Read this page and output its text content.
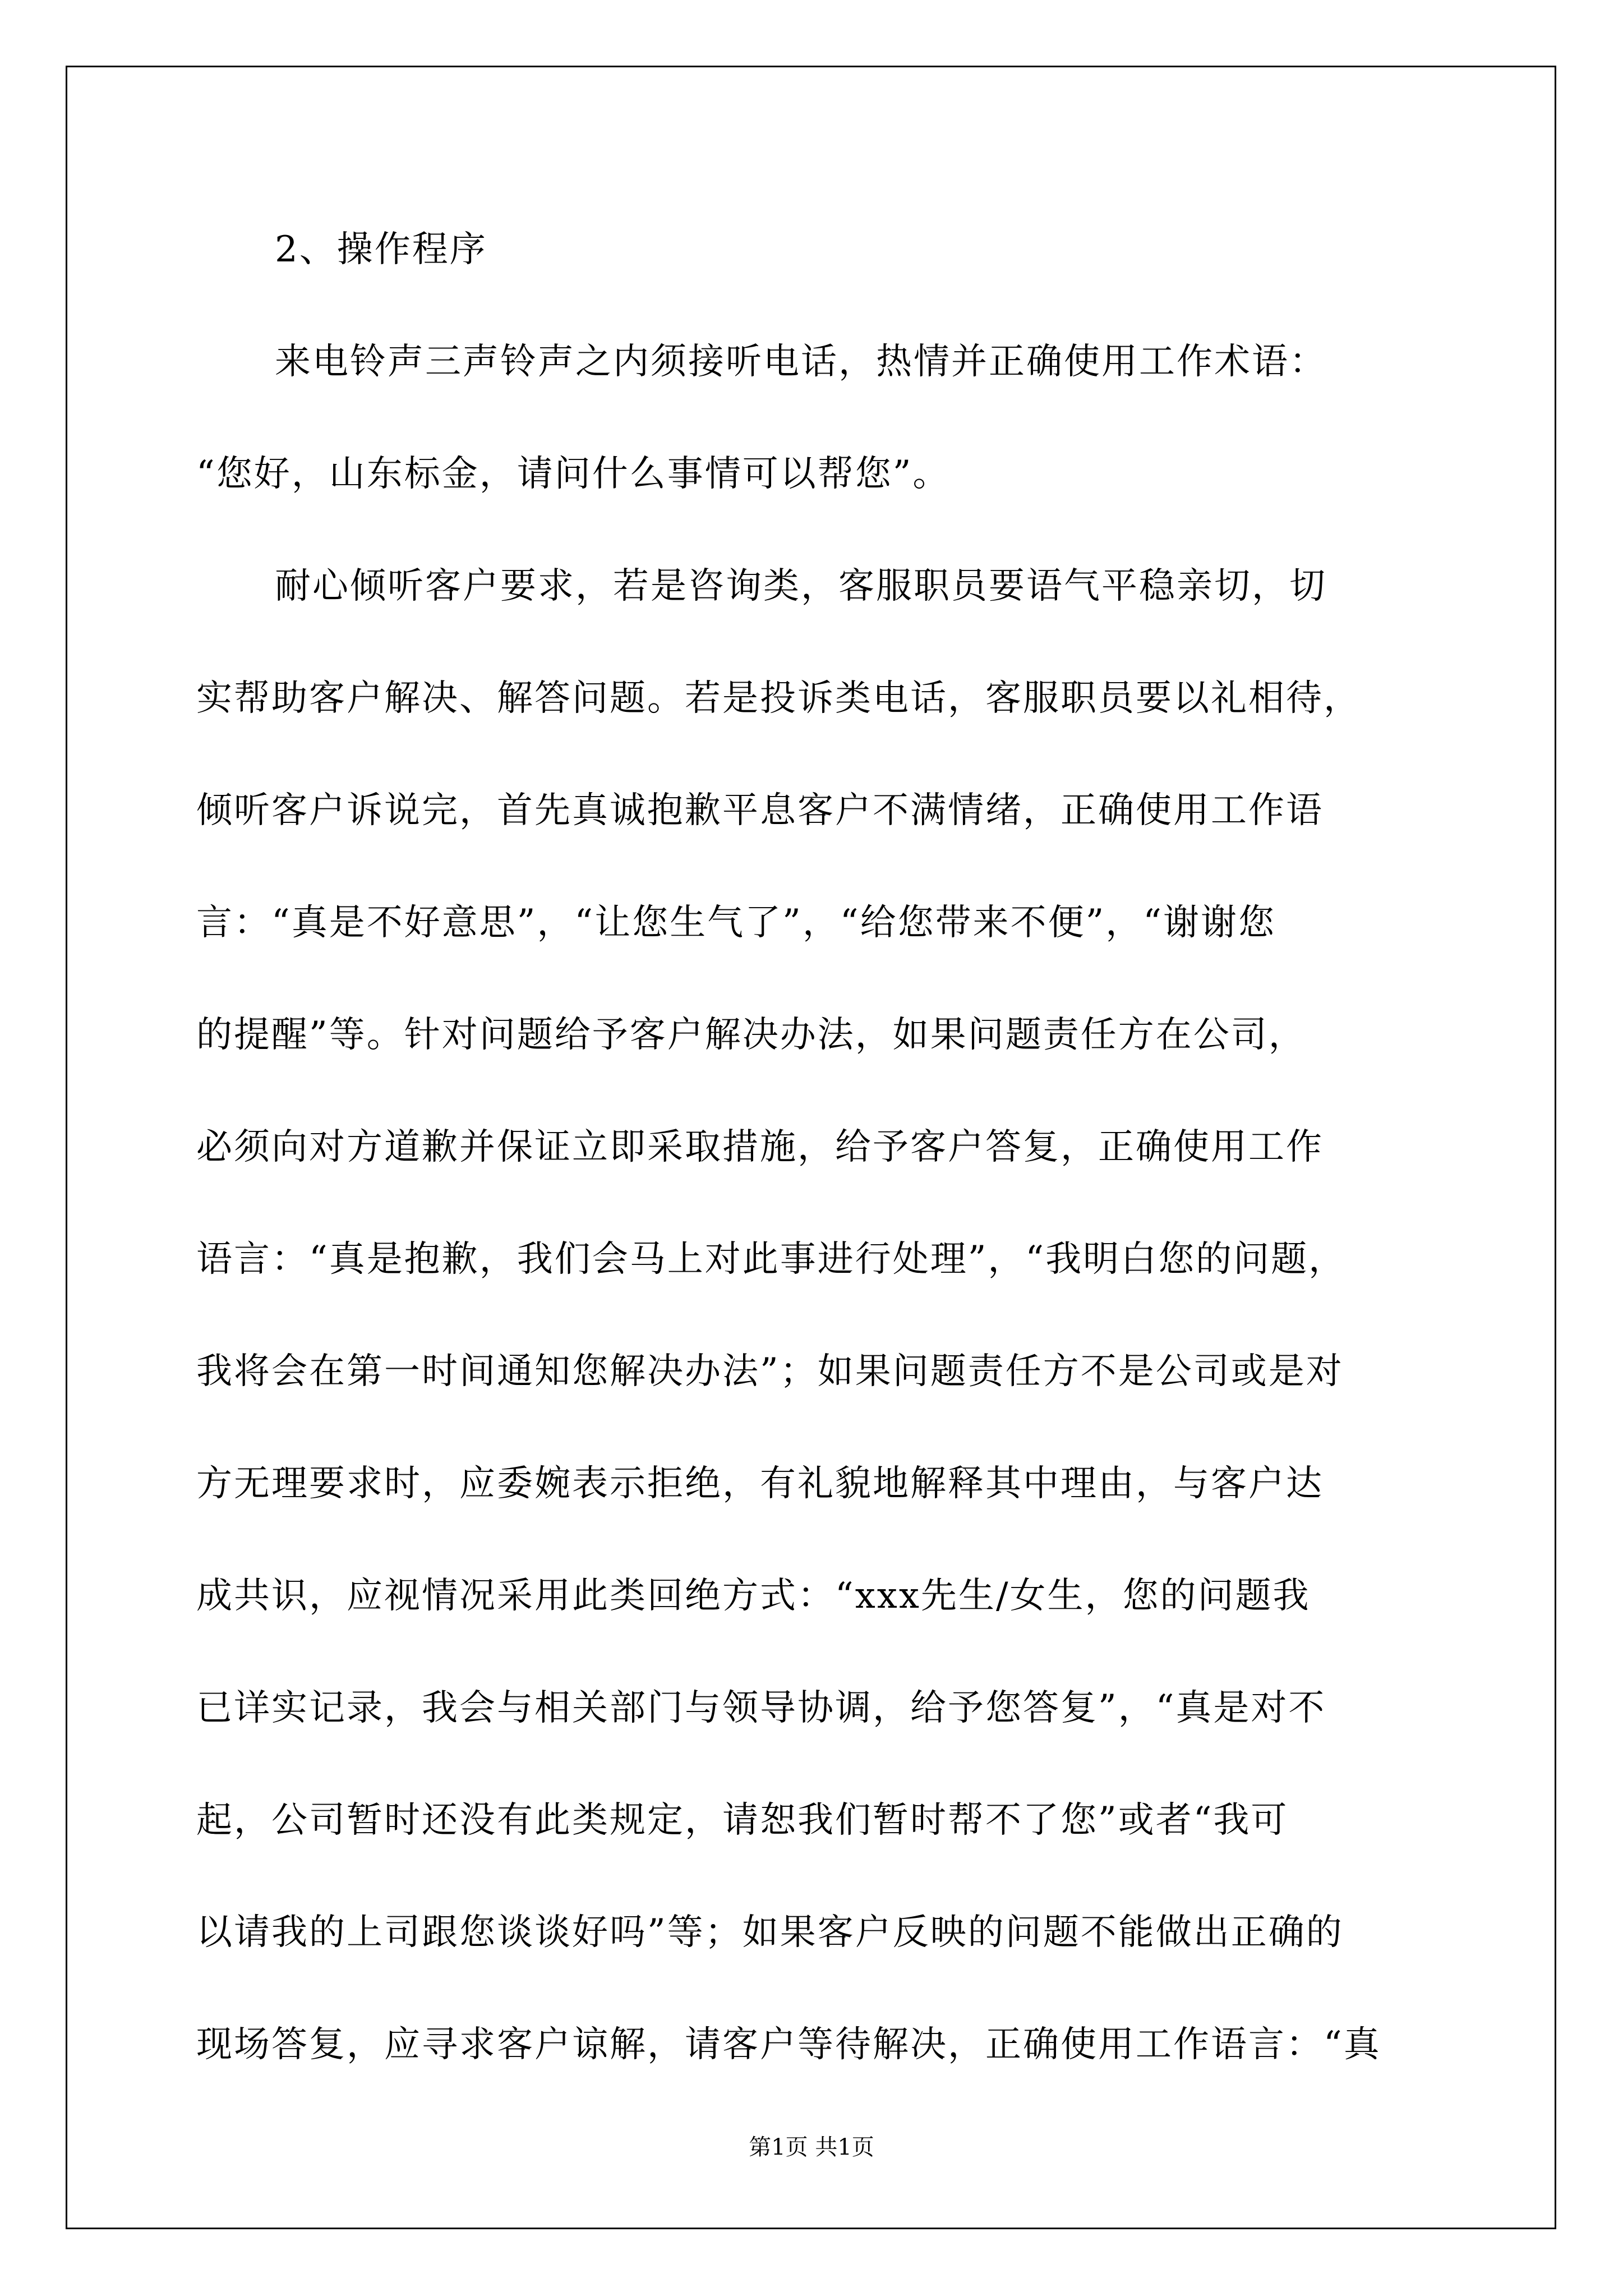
2、操作程序
来电铃声三声铃声之内须接听电话，热情并正确使用工作术语：
“您好，山东标金，请问什么事情可以帮您”。
耐心倾听客户要求，若是咨询类，客服职员要语气平稳亲切，切
实帮助客户解决、解答问题。若是投诉类电话，客服职员要以礼相待，
倾听客户诉说完，首先真诚抱歉平息客户不满情绪，正确使用工作语
言：“真是不好意思”，“让您生气了”，“给您带来不便”，“谢谢您
的提醒”等。针对问题给予客户解决办法，如果问题责任方在公司，
必须向对方道歉并保证立即采取措施，给予客户答复，正确使用工作
语言：“真是抱歉，我们会马上对此事进行处理”，“我明白您的问题，
我将会在第一时间通知您解决办法”；如果问题责任方不是公司或是对
方无理要求时，应委婉表示拒绝，有礼貌地解释其中理由，与客户达
成共识，应视情况采用此类回绝方式：“xxx先生/女生，您的问题我
已详实记录，我会与相关部门与领导协调，给予您答复”，“真是对不
起，公司暂时还没有此类规定，请恕我们暂时帮不了您”或者“我可
以请我的上司跟您谈谈好吗”等；如果客户反映的问题不能做出正确的
现场答复，应寻求客户谅解，请客户等待解决，正确使用工作语言：“真
第1页 共1页
